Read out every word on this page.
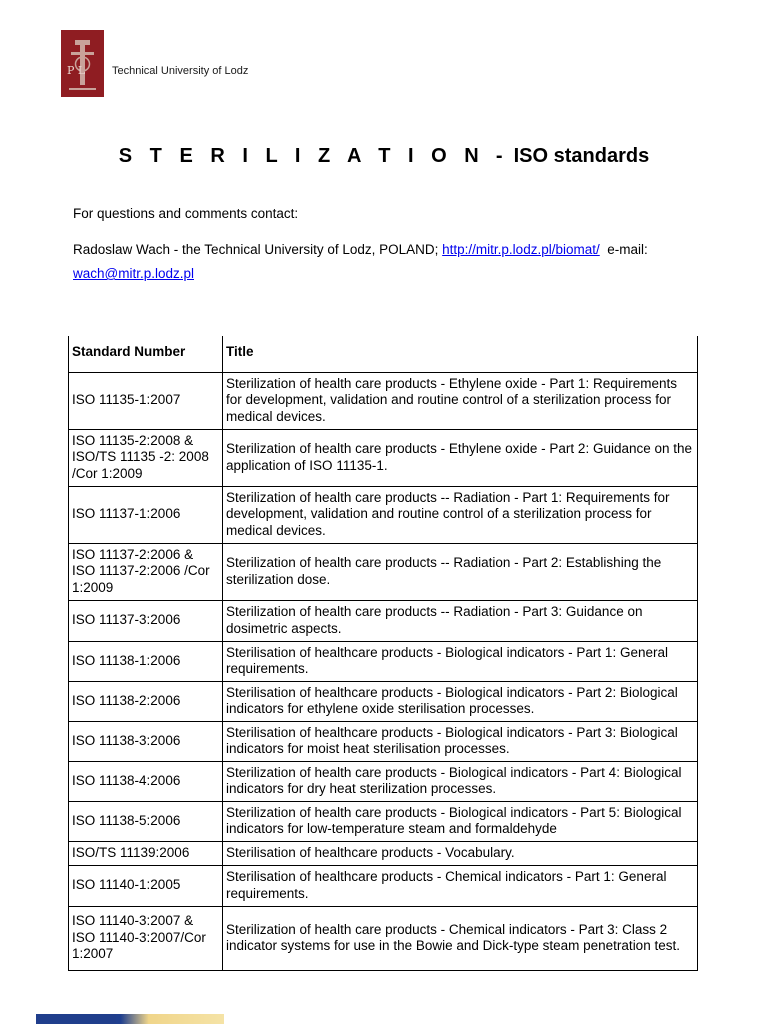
P L Technical University of Lodz
S T E R I L I Z A T I O N  -  ISO standards
For questions and comments contact:
Radoslaw Wach - the Technical University of Lodz, POLAND; http://mitr.p.lodz.pl/biomat/  e-mail:
wach@mitr.p.lodz.pl
Standard Number	Title
ISO 11135-1:2007	Sterilization of health care products - Ethylene oxide - Part 1: Requirements for development, validation and routine control of a sterilization process for medical devices.
ISO 11135-2:2008 & ISO/TS 11135 -2: 2008 /Cor 1:2009	Sterilization of health care products - Ethylene oxide - Part 2: Guidance on the application of ISO 11135-1.
ISO 11137-1:2006	Sterilization of health care products -- Radiation - Part 1: Requirements for development, validation and routine control of a sterilization process for medical devices.
ISO 11137-2:2006 & ISO 11137-2:2006 /Cor 1:2009	Sterilization of health care products -- Radiation - Part 2: Establishing the sterilization dose.
ISO 11137-3:2006	Sterilization of health care products -- Radiation - Part 3: Guidance on dosimetric aspects.
ISO 11138-1:2006	Sterilisation of healthcare products - Biological indicators - Part 1: General requirements.
ISO 11138-2:2006	Sterilisation of healthcare products - Biological indicators - Part 2: Biological indicators for ethylene oxide sterilisation processes.
ISO 11138-3:2006	Sterilisation of healthcare products - Biological indicators - Part 3: Biological indicators for moist heat sterilisation processes.
ISO 11138-4:2006	Sterilization of health care products - Biological indicators - Part 4: Biological indicators for dry heat sterilization processes.
ISO 11138-5:2006	Sterilization of health care products - Biological indicators - Part 5: Biological indicators for low-temperature steam and formaldehyde
ISO/TS 11139:2006	Sterilisation of healthcare products - Vocabulary.
ISO 11140-1:2005	Sterilisation of healthcare products - Chemical indicators - Part 1: General requirements.
ISO 11140-3:2007 & ISO 11140-3:2007/Cor 1:2007	Sterilization of health care products - Chemical indicators - Part 3: Class 2 indicator systems for use in the Bowie and Dick-type steam penetration test.
